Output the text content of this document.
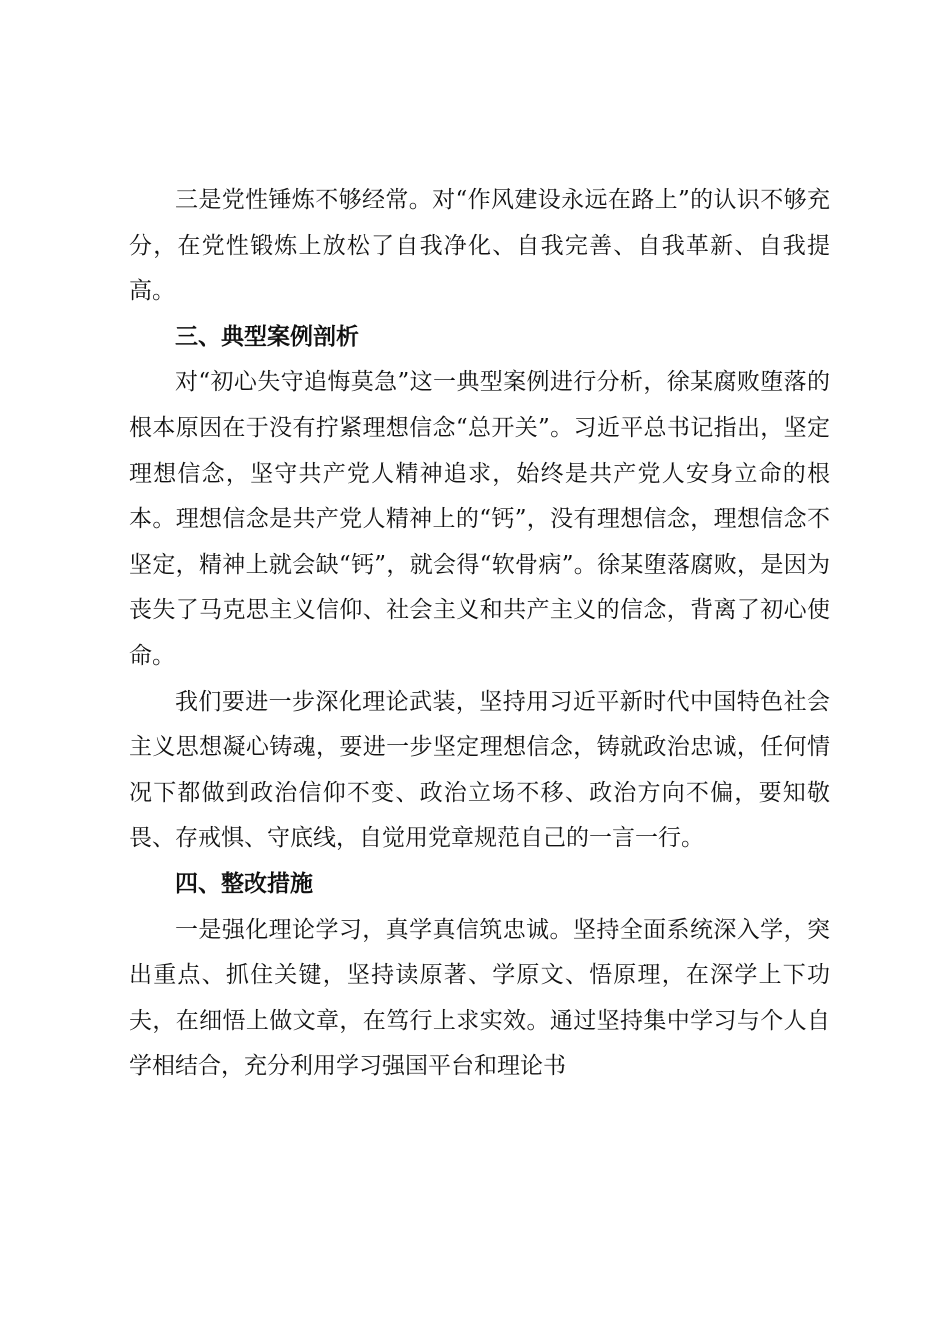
三是党性锤炼不够经常。对“作风建设永远在路上”的认识不够充分，在党性锻炼上放松了自我净化、自我完善、自我革新、自我提高。

三、典型案例剖析

对“初心失守追悔莫急”这一典型案例进行分析，徐某腐败堕落的根本原因在于没有拧紧理想信念“总开关”。习近平总书记指出，坚定理想信念，坚守共产党人精神追求，始终是共产党人安身立命的根本。理想信念是共产党人精神上的“钙”，没有理想信念，理想信念不坚定，精神上就会缺“钙”，就会得“软骨病”。徐某堕落腐败，是因为丧失了马克思主义信仰、社会主义和共产主义的信念，背离了初心使命。

我们要进一步深化理论武装，坚持用习近平新时代中国特色社会主义思想凝心铸魂，要进一步坚定理想信念，铸就政治忠诚，任何情况下都做到政治信仰不变、政治立场不移、政治方向不偏，要知敬畏、存戒惧、守底线，自觉用党章规范自己的一言一行。

四、整改措施

一是强化理论学习，真学真信筑忠诚。坚持全面系统深入学，突出重点、抓住关键，坚持读原著、学原文、悟原理，在深学上下功夫，在细悟上做文章，在笃行上求实效。通过坚持集中学习与个人自学相结合，充分利用学习强国平台和理论书
